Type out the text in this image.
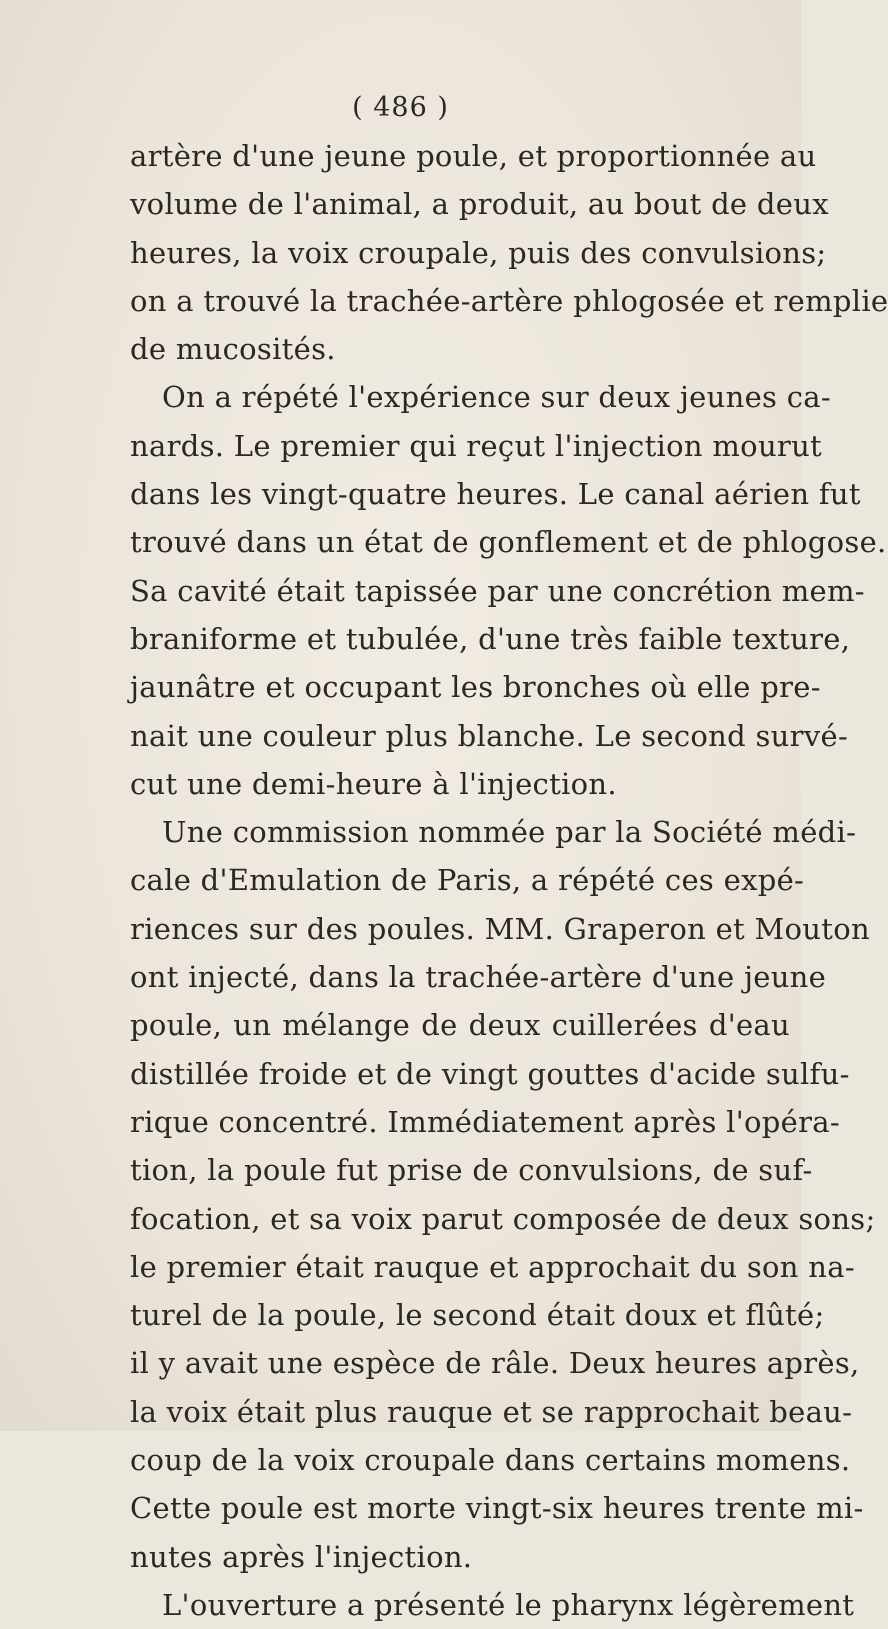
( 486 )
artère d'une jeune poule, et proportionnée au
volume de l'animal, a produit, au bout de deux
heures, la voix croupale, puis des convulsions;
on a trouvé la trachée-artère phlogosée et remplie
de mucosités.
On a répété l'expérience sur deux jeunes ca-
nards. Le premier qui reçut l'injection mourut
dans les vingt-quatre heures. Le canal aérien fut
trouvé dans un état de gonflement et de phlogose.
Sa cavité était tapissée par une concrétion mem-
braniforme et tubulée, d'une très faible texture,
jaunâtre et occupant les bronches où elle pre-
nait une couleur plus blanche. Le second survé-
cut une demi-heure à l'injection.
Une commission nommée par la Société médi-
cale d'Emulation de Paris, a répété ces expé-
riences sur des poules. MM. Graperon et Mouton
ont injecté, dans la trachée-artère d'une jeune
poule, un mélange de deux cuillerées d'eau
distillée froide et de vingt gouttes d'acide sulfu-
rique concentré. Immédiatement après l'opéra-
tion, la poule fut prise de convulsions, de suf-
focation, et sa voix parut composée de deux sons;
le premier était rauque et approchait du son na-
turel de la poule, le second était doux et flûté;
il y avait une espèce de râle. Deux heures après,
la voix était plus rauque et se rapprochait beau-
coup de la voix croupale dans certains momens.
Cette poule est morte vingt-six heures trente mi-
nutes après l'injection.
L'ouverture a présenté le pharynx légèrement
